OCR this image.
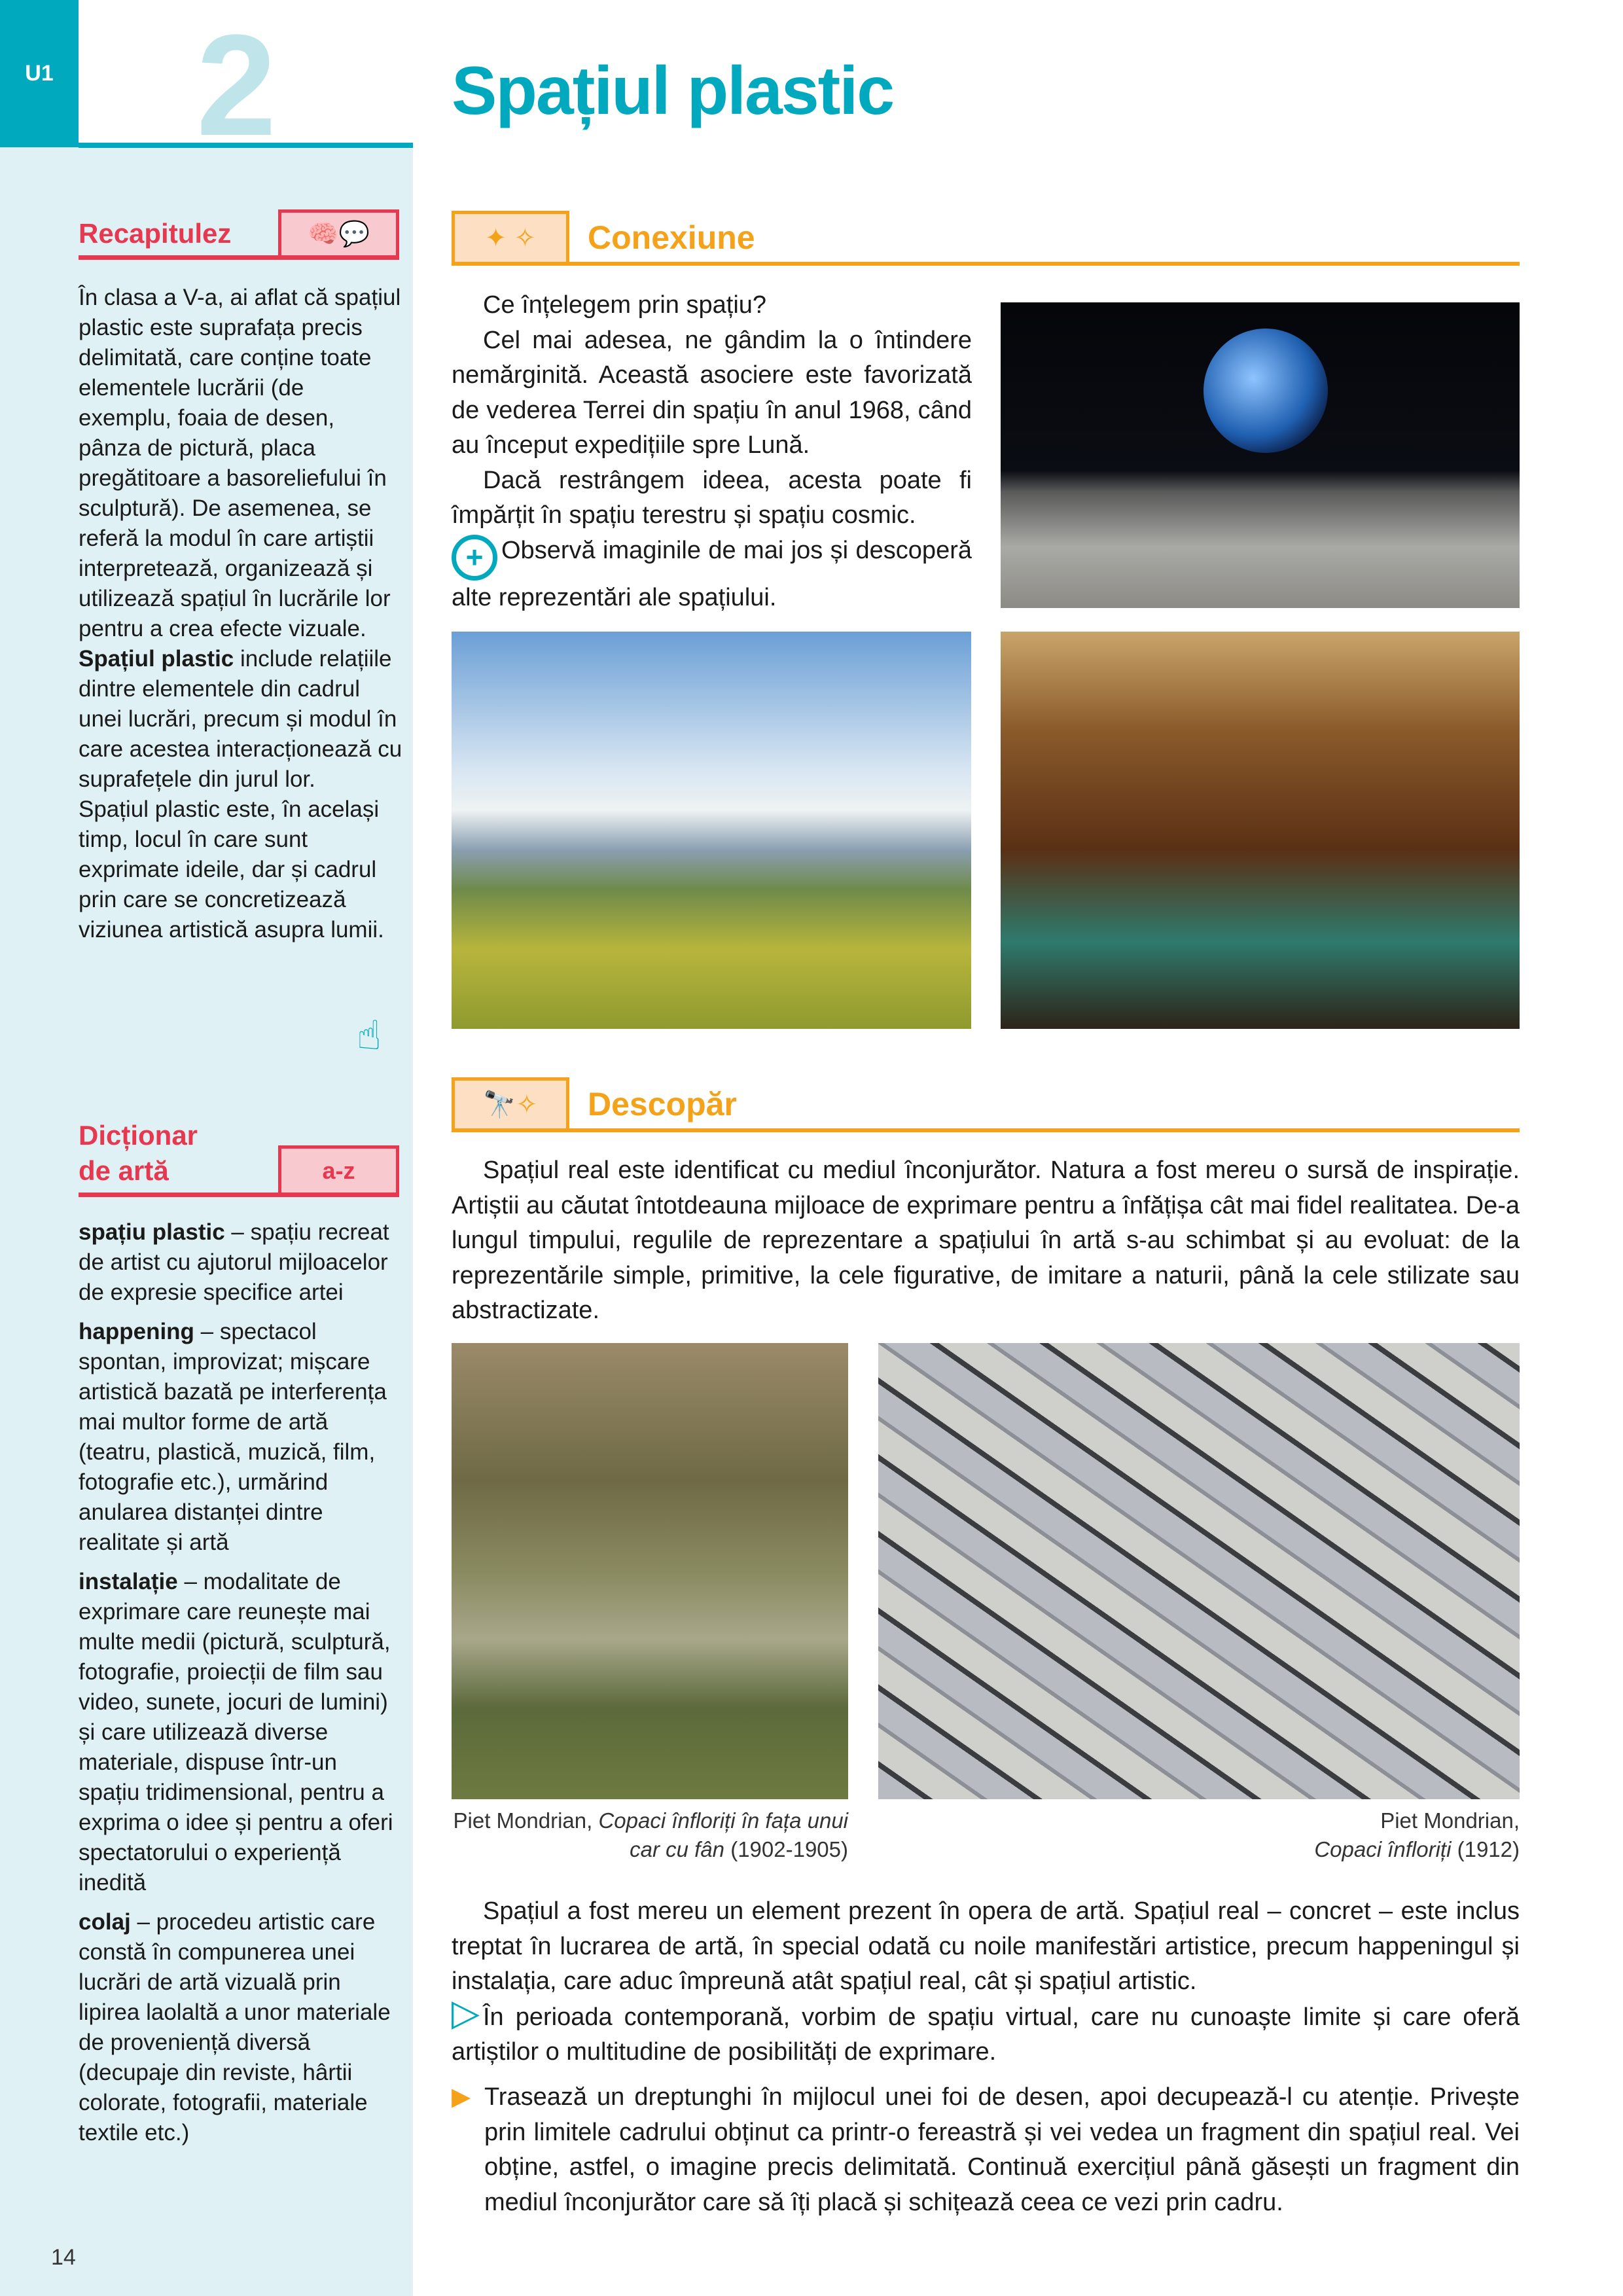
U1 2	Spațiul plastic
Recapitulez	🧠💬

În clasa a V-a, ai aflat că spațiul plastic este suprafața precis delimitată, care conține toate elementele lucrării (de exemplu, foaia de desen, pânza de pictură, placa pregătitoare a basoreliefului în sculptură). De asemenea, se referă la modul în care artiștii interpretează, organizează și utilizează spațiul în lucrările lor pentru a crea efecte vizuale.

Spațiul plastic include relațiile dintre elementele din cadrul unei lucrări, precum și modul în care acestea interacționează cu suprafețele din jurul lor.

Spațiul plastic este, în același timp, locul în care sunt exprimate ideile, dar și cadrul prin care se concretizează viziunea artistică asupra lumii.

☝
Dicționar
de artă	a-z

spațiu plastic – spațiu recreat de artist cu ajutorul mijloacelor de expresie specifice artei

happening – spectacol spontan, improvizat; mișcare artistică bazată pe interferența mai multor forme de artă (teatru, plastică, muzică, film, fotografie etc.), urmărind anularea distanței dintre realitate și artă

instalație – modalitate de exprimare care reunește mai multe medii (pictură, sculptură, fotografie, proiecții de film sau video, sunete, jocuri de lumini) și care utilizează diverse materiale, dispuse într-un spațiu tridimensional, pentru a exprima o idee și pentru a oferi spectatorului o experiență inedită

colaj – procedeu artistic care constă în compunerea unei lucrări de artă vizuală prin lipirea laolaltă a unor materiale de proveniență diversă (decupaje din reviste, hârtii colorate, fotografii, materiale textile etc.)

14
✦ ✧	Conexiune

Ce înțelegem prin spațiu?

Cel mai adesea, ne gândim la o întindere nemărginită. Această asociere este favorizată de vederea Terrei din spațiu în anul 1968, când au început expedițiile spre Lună.

Dacă restrângem ideea, acesta poate fi împărțit în spațiu terestru și spațiu cosmic.

+ Observă imaginile de mai jos și descoperă alte reprezentări ale spațiului.

🔭✧	Descopăr

Spațiul real este identificat cu mediul înconjurător. Natura a fost mereu o sursă de inspirație. Artiștii au căutat întotdeauna mijloace de exprimare pentru a înfățișa cât mai fidel realitatea. De-a lungul timpului, regulile de reprezentare a spațiului în artă s-au schimbat și au evoluat: de la reprezentările simple, primitive, la cele figurative, de imitare a naturii, până la cele stilizate sau abstractizate.

Piet Mondrian, Copaci înfloriți în fața unui car cu fân (1902-1905)
Piet Mondrian,
Copaci înfloriți (1912)

Spațiul a fost mereu un element prezent în opera de artă. Spațiul real – concret – este inclus treptat în lucrarea de artă, în special odată cu noile manifestări artistice, precum happeningul și instalația, care aduc împreună atât spațiul real, cât și spațiul artistic.

▷ În perioada contemporană, vorbim de spațiu virtual, care nu cunoaște limite și care oferă artiștilor o multitudine de posibilități de exprimare.

▶ Trasează un dreptunghi în mijlocul unei foi de desen, apoi decupează-l cu atenție. Privește prin limitele cadrului obținut ca printr-o fereastră și vei vedea un fragment din spațiul real. Vei obține, astfel, o imagine precis delimitată. Continuă exercițiul până găsești un fragment din mediul înconjurător care să îți placă și schițează ceea ce vezi prin cadru.
